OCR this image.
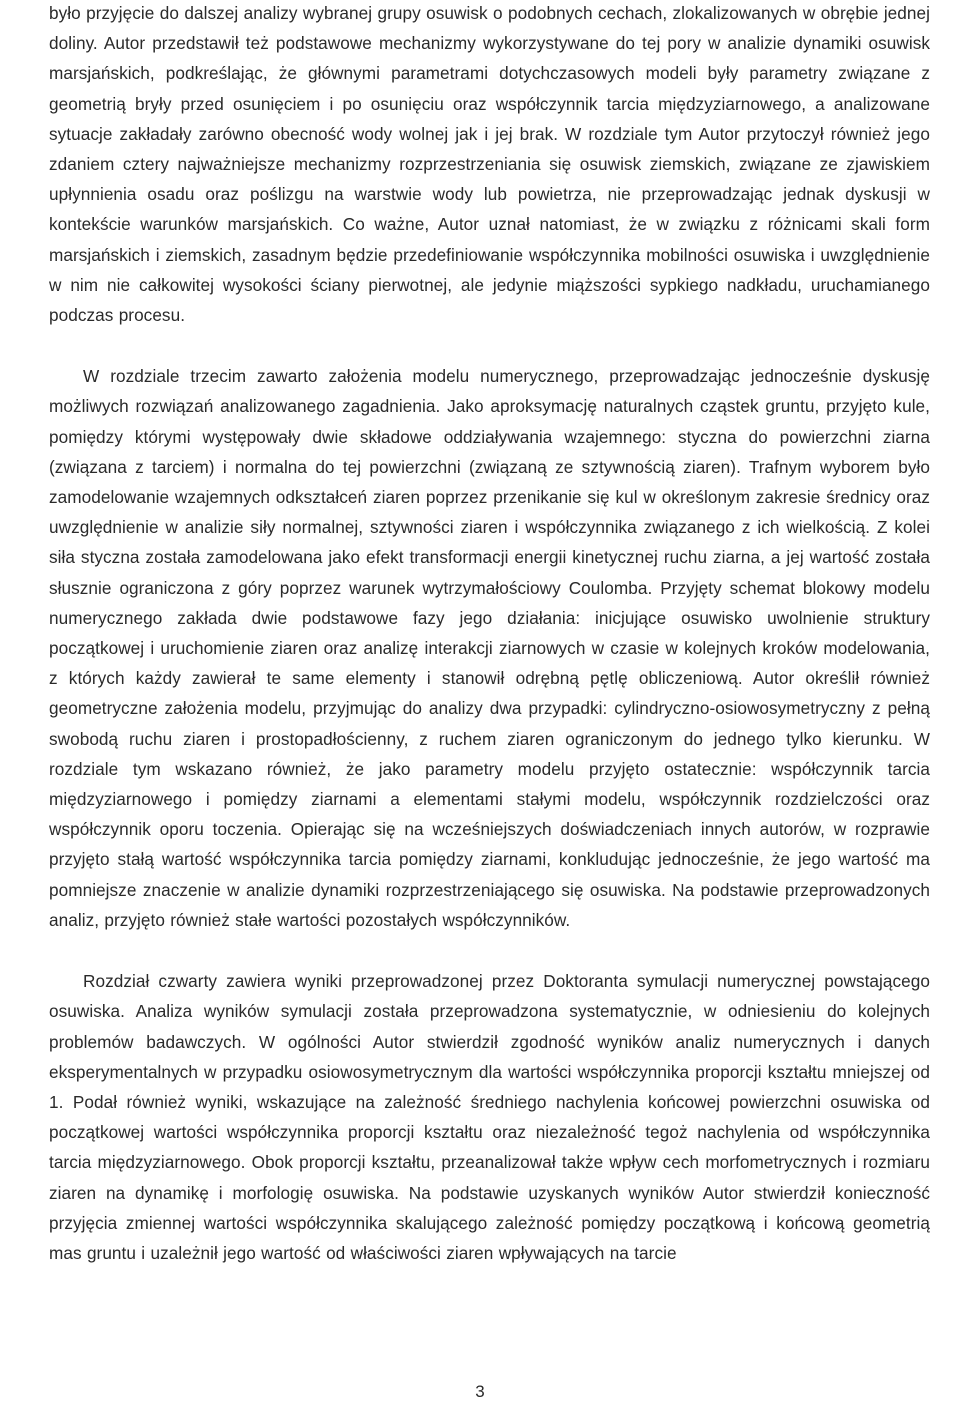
było przyjęcie do dalszej analizy wybranej grupy osuwisk o podobnych cechach, zlokalizowanych w obrębie jednej doliny. Autor przedstawił też podstawowe mechanizmy wykorzystywane do tej pory w analizie dynamiki osuwisk marsjańskich, podkreślając, że głównymi parametrami dotychczasowych modeli były parametry związane z geometrią bryły przed osunięciem i po osunięciu oraz współczynnik tarcia międzyziarnowego, a analizowane sytuacje zakładały zarówno obecność wody wolnej jak i jej brak. W rozdziale tym Autor przytoczył również jego zdaniem cztery najważniejsze mechanizmy rozprzestrzeniania się osuwisk ziemskich, związane ze zjawiskiem upłynnienia osadu oraz poślizgu na warstwie wody lub powietrza, nie przeprowadzając jednak dyskusji w kontekście warunków marsjańskich. Co ważne, Autor uznał natomiast, że w związku z różnicami skali form marsjańskich i ziemskich, zasadnym będzie przedefiniowanie współczynnika mobilności osuwiska i uwzględnienie w nim nie całkowitej wysokości ściany pierwotnej, ale jedynie miąższości sypkiego nadkładu, uruchamianego podczas procesu.

W rozdziale trzecim zawarto założenia modelu numerycznego, przeprowadzając jednocześnie dyskusję możliwych rozwiązań analizowanego zagadnienia. Jako aproksymację naturalnych cząstek gruntu, przyjęto kule, pomiędzy którymi występowały dwie składowe oddziaływania wzajemnego: styczna do powierzchni ziarna (związana z tarciem) i normalna do tej powierzchni (związaną ze sztywnością ziaren). Trafnym wyborem było zamodelowanie wzajemnych odkształceń ziaren poprzez przenikanie się kul w określonym zakresie średnicy oraz uwzględnienie w analizie siły normalnej, sztywności ziaren i współczynnika związanego z ich wielkością. Z kolei siła styczna została zamodelowana jako efekt transformacji energii kinetycznej ruchu ziarna, a jej wartość została słusznie ograniczona z góry poprzez warunek wytrzymałościowy Coulomba. Przyjęty schemat blokowy modelu numerycznego zakłada dwie podstawowe fazy jego działania: inicjujące osuwisko uwolnienie struktury początkowej i uruchomienie ziaren oraz analizę interakcji ziarnowych w czasie w kolejnych kroków modelowania, z których każdy zawierał te same elementy i stanowił odrębną pętlę obliczeniową. Autor określił również geometryczne założenia modelu, przyjmując do analizy dwa przypadki: cylindryczno-osiowosymetryczny z pełną swobodą ruchu ziaren i prostopadłościenny, z ruchem ziaren ograniczonym do jednego tylko kierunku. W rozdziale tym wskazano również, że jako parametry modelu przyjęto ostatecznie: współczynnik tarcia międzyziarnowego i pomiędzy ziarnami a elementami stałymi modelu, współczynnik rozdzielczości oraz współczynnik oporu toczenia. Opierając się na wcześniejszych doświadczeniach innych autorów, w rozprawie przyjęto stałą wartość współczynnika tarcia pomiędzy ziarnami, konkludując jednocześnie, że jego wartość ma pomniejsze znaczenie w analizie dynamiki rozprzestrzeniającego się osuwiska. Na podstawie przeprowadzonych analiz, przyjęto również stałe wartości pozostałych współczynników.

Rozdział czwarty zawiera wyniki przeprowadzonej przez Doktoranta symulacji numerycznej powstającego osuwiska. Analiza wyników symulacji została przeprowadzona systematycznie, w odniesieniu do kolejnych problemów badawczych. W ogólności Autor stwierdził zgodność wyników analiz numerycznych i danych eksperymentalnych w przypadku osiowosymetrycznym dla wartości współczynnika proporcji kształtu mniejszej od 1. Podał również wyniki, wskazujące na zależność średniego nachylenia końcowej powierzchni osuwiska od początkowej wartości współczynnika proporcji kształtu oraz niezależność tegoż nachylenia od współczynnika tarcia międzyziarnowego. Obok proporcji kształtu, przeanalizował także wpływ cech morfometrycznych i rozmiaru ziaren na dynamikę i morfologię osuwiska. Na podstawie uzyskanych wyników Autor stwierdził konieczność przyjęcia zmiennej wartości współczynnika skalującego zależność pomiędzy początkową i końcową geometrią mas gruntu i uzależnił jego wartość od właściwości ziaren wpływających na tarcie

3
